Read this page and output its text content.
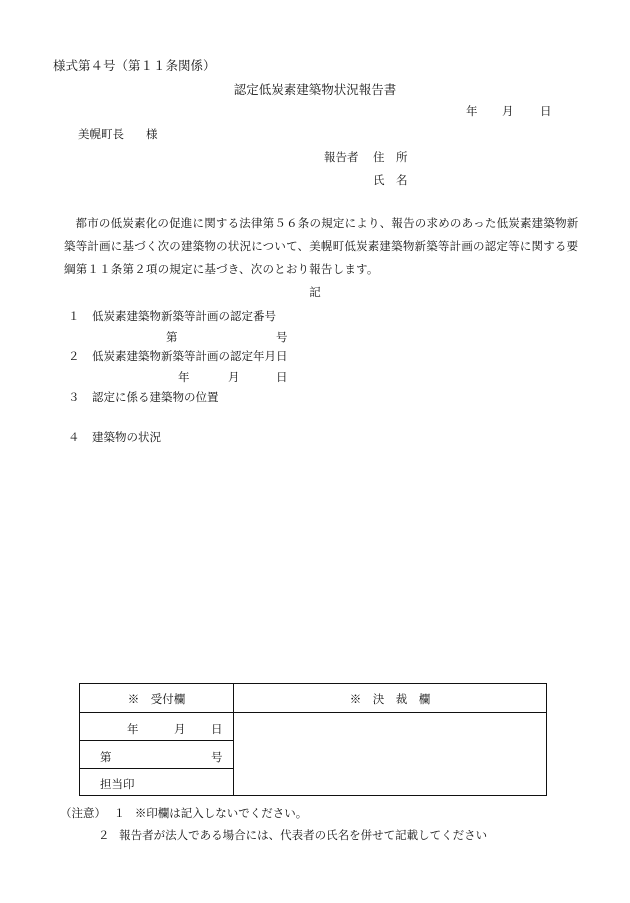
様式第４号（第１１条関係）
認定低炭素建築物状況報告書
年 月 日
美幌町長 様
報告者 住　所
氏　名

都市の低炭素化の促進に関する法律第５６条の規定により、報告の求めのあった低炭素建築物新築等計画に基づく次の建築物の状況について、美幌町低炭素建築物新築等計画の認定等に関する要綱第１１条第２項の規定に基づき、次のとおり報告します。

記
１ 低炭素建築物新築等計画の認定番号
第	号
２ 低炭素建築物新築等計画の認定年月日
年	月	日
３ 認定に係る建築物の位置
４ 建築物の状況
※　受付欄	※　決　裁　欄
年	月 日
第	号
担当印
（注意） １ ※印欄は記入しないでください。
２ 報告者が法人である場合には、代表者の氏名を併せて記載してください
